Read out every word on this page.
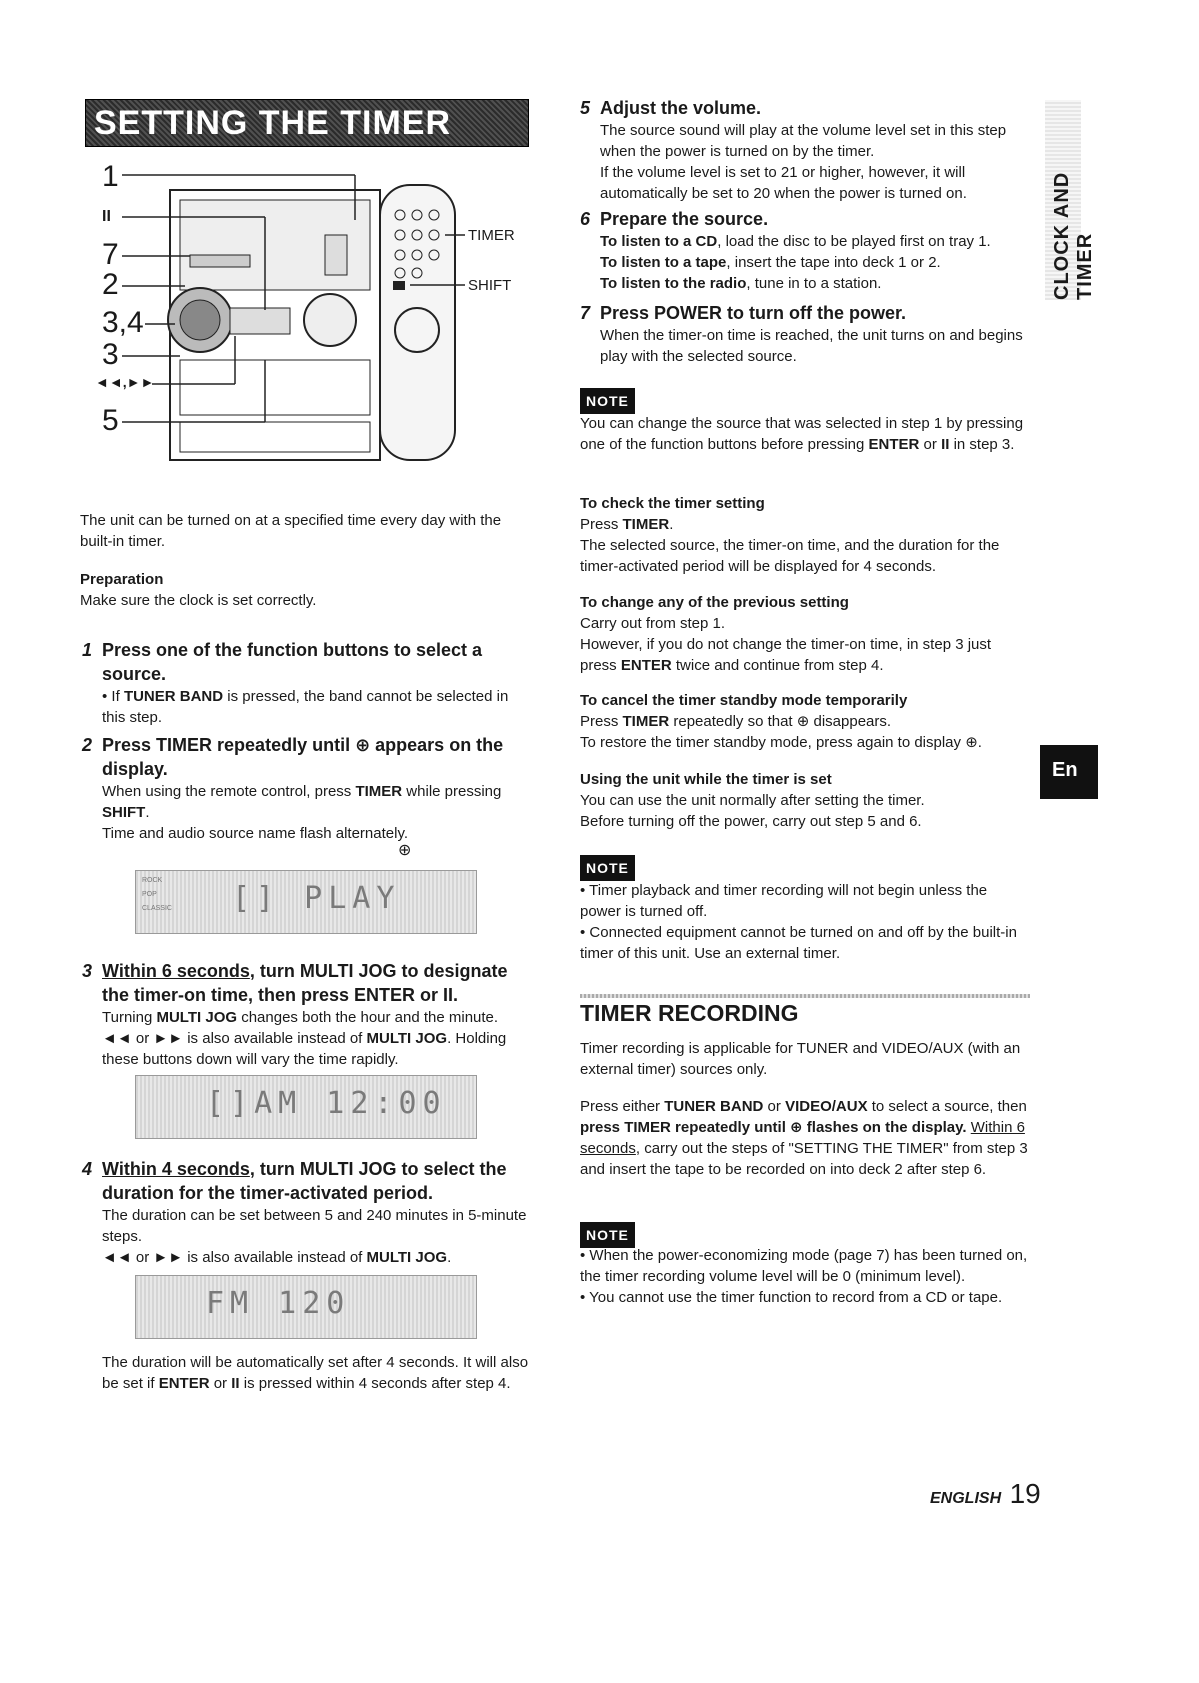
SETTING THE TIMER
1
II
7
2
3,4
3
◄◄,►►
5
TIMER
SHIFT

The unit can be turned on at a specified time every day with the built-in timer.

Preparation

Make sure the clock is set correctly.

1 Press one of the function buttons to select a source.

• If TUNER BAND is pressed, the band cannot be selected in this step.

2 Press TIMER repeatedly until ⊕ appears on the display.

When using the remote control, press TIMER while pressing SHIFT.

Time and audio source name flash alternately.

⊕
[] PLAY
ROCK
POP
CLASSIC
3 Within 6 seconds, turn MULTI JOG to designate the timer-on time, then press ENTER or II.

Turning MULTI JOG changes both the hour and the minute. ◄◄ or ►► is also available instead of MULTI JOG. Holding these buttons down will vary the time rapidly.

[]AM 12:00
4 Within 4 seconds, turn MULTI JOG to select the duration for the timer-activated period.

The duration can be set between 5 and 240 minutes in 5-minute steps.

◄◄ or ►► is also available instead of MULTI JOG.

FM 120

The duration will be automatically set after 4 seconds. It will also be set if ENTER or II is pressed within 4 seconds after step 4.

5 Adjust the volume.

The source sound will play at the volume level set in this step when the power is turned on by the timer.

If the volume level is set to 21 or higher, however, it will automatically be set to 20 when the power is turned on.

6 Prepare the source.

To listen to a CD, load the disc to be played first on tray 1.

To listen to a tape, insert the tape into deck 1 or 2.

To listen to the radio, tune in to a station.

7 Press POWER to turn off the power.

When the timer-on time is reached, the unit turns on and begins play with the selected source.

NOTE

You can change the source that was selected in step 1 by pressing one of the function buttons before pressing ENTER or II in step 3.

To check the timer setting

Press TIMER.

The selected source, the timer-on time, and the duration for the timer-activated period will be displayed for 4 seconds.

To change any of the previous setting

Carry out from step 1.

However, if you do not change the timer-on time, in step 3 just press ENTER twice and continue from step 4.

To cancel the timer standby mode temporarily

Press TIMER repeatedly so that ⊕ disappears.

To restore the timer standby mode, press again to display ⊕.

Using the unit while the timer is set

You can use the unit normally after setting the timer.

Before turning off the power, carry out step 5 and 6.

NOTE
• Timer playback and timer recording will not begin unless the power is turned off.
• Connected equipment cannot be turned on and off by the built-in timer of this unit. Use an external timer.

TIMER RECORDING

Timer recording is applicable for TUNER and VIDEO/AUX (with an external timer) sources only.

Press either TUNER BAND or VIDEO/AUX to select a source, then press TIMER repeatedly until ⊕ flashes on the display. Within 6 seconds, carry out the steps of "SETTING THE TIMER" from step 3 and insert the tape to be recorded on into deck 2 after step 6.

NOTE
• When the power-economizing mode (page 7) has been turned on, the timer recording volume level will be 0 (minimum level).
• You cannot use the timer function to record from a CD or tape.
CLOCK AND TIMER
En
ENGLISH 19
